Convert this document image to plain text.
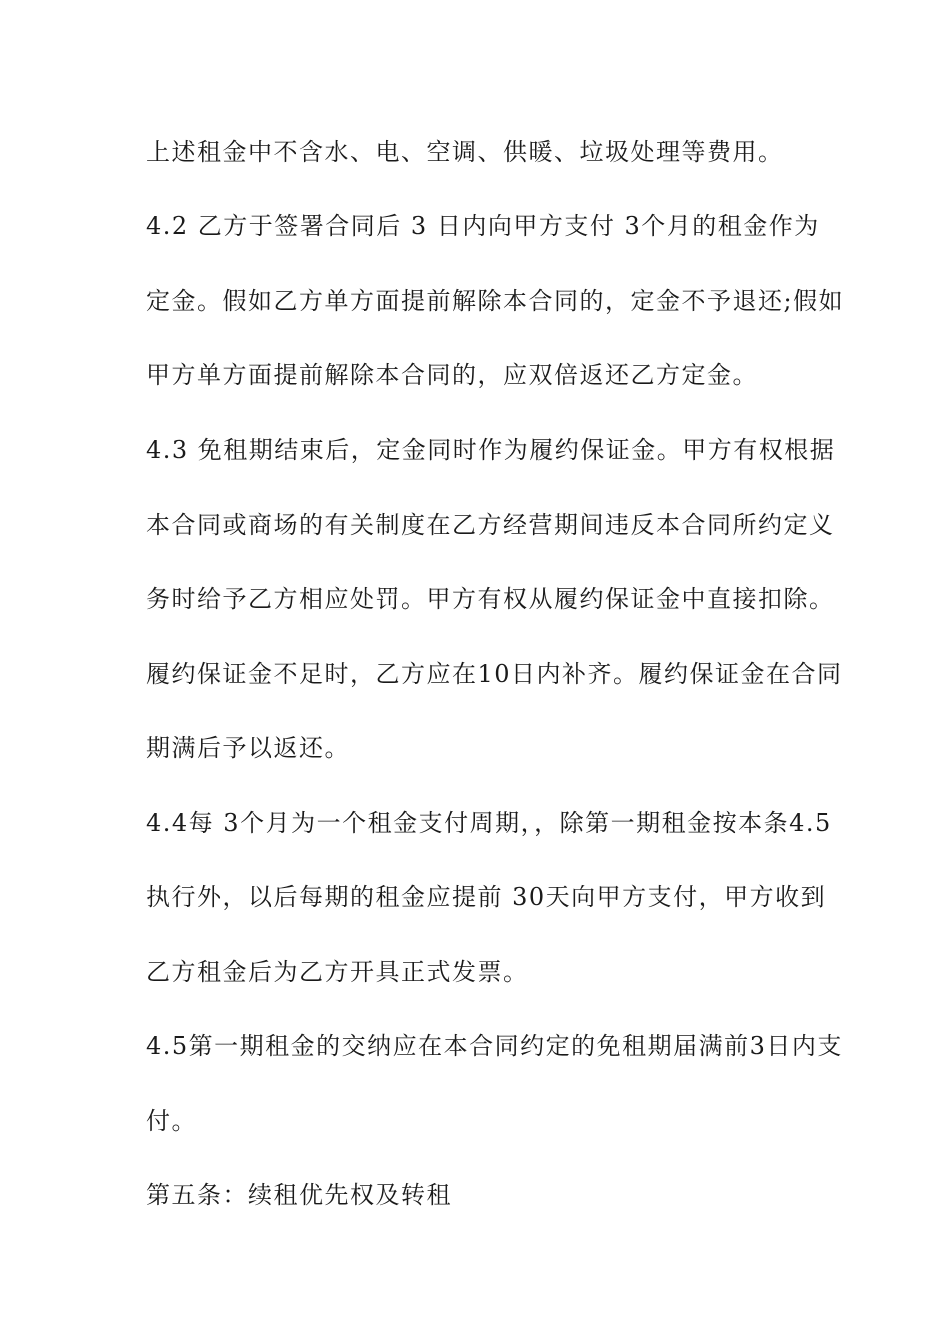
上述租金中不含水、电、空调、供暖、垃圾处理等费用。
4.2 乙方于签署合同后 3 日内向甲方支付 3个月的租金作为
定金。假如乙方单方面提前解除本合同的，定金不予退还;假如
甲方单方面提前解除本合同的，应双倍返还乙方定金。
4.3 免租期结束后，定金同时作为履约保证金。甲方有权根据
本合同或商场的有关制度在乙方经营期间违反本合同所约定义
务时给予乙方相应处罚。甲方有权从履约保证金中直接扣除。
履约保证金不足时，乙方应在10日内补齐。履约保证金在合同
期满后予以返还。
4.4每 3个月为一个租金支付周期，，除第一期租金按本条4.5
执行外，以后每期的租金应提前 30天向甲方支付，甲方收到
乙方租金后为乙方开具正式发票。
4.5第一期租金的交纳应在本合同约定的免租期届满前3日内支
付。
第五条：续租优先权及转租
